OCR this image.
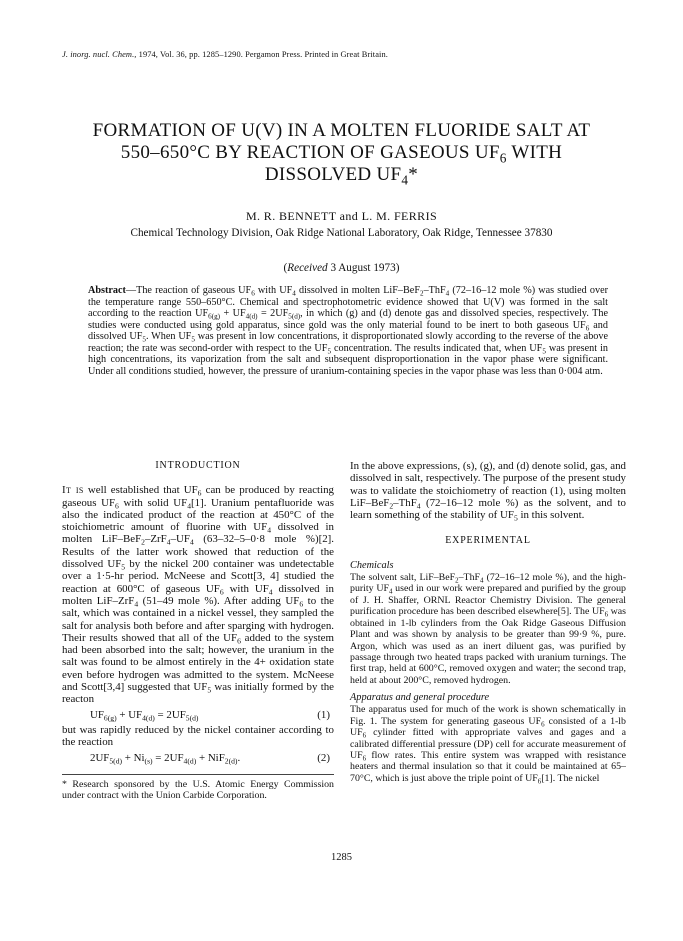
J. inorg. nucl. Chem., 1974, Vol. 36, pp. 1285–1290. Pergamon Press. Printed in Great Britain.
FORMATION OF U(V) IN A MOLTEN FLUORIDE SALT AT
550–650°C BY REACTION OF GASEOUS $UF_6$ WITH
DISSOLVED $UF_4*$
M. R. BENNETT and L. M. FERRIS
Chemical Technology Division, Oak Ridge National Laboratory, Oak Ridge, Tennessee 37830
(Received 3 August 1973)
Abstract—The reaction of gaseous $UF_6$ with $UF_4$ dissolved in molten LiF–BeF$_2$–ThF$_4$ (72–16–12 mole %) was studied over the temperature range 550–650°C. Chemical and spectrophotometric evidence showed that U(V) was formed in the salt according to the reaction $UF_{6(g)} + UF_{4(d)} = 2UF_{5(d)}$, in which (g) and (d) denote gas and dissolved species, respectively. The studies were conducted using gold apparatus, since gold was the only material found to be inert to both gaseous $UF_6$ and dissolved $UF_5$. When $UF_5$ was present in low concentrations, it disproportionated slowly according to the reverse of the above reaction; the rate was second-order with respect to the $UF_5$ concentration. The results indicated that, when $UF_5$ was present in high concentrations, its vaporization from the salt and subsequent disproportionation in the vapor phase were significant. Under all conditions studied, however, the pressure of uranium-containing species in the vapor phase was less than 0·004 atm.
INTRODUCTION

It is well established that $UF_6$ can be produced by reacting gaseous $UF_6$ with solid $UF_4[1]$. Uranium pentafluoride was also the indicated product of the reaction at 450°C of the stoichiometric amount of fluorine with $UF_4$ dissolved in molten LiF–$BeF_2-ZrF_4-UF_4$ (63–32–5–0·8 mole %)[2]. Results of the latter work showed that reduction of the dissolved $UF_5$ by the nickel 200 container was undetectable over a 1·5-hr period. McNeese and Scott[3, 4] studied the reaction at 600°C of gaseous $UF_6$ with $UF_4$ dissolved in molten LiF–ZrF$_4$ (51–49 mole %). After adding $UF_6$ to the salt, which was contained in a nickel vessel, they sampled the salt for analysis both before and after sparging with hydrogen. Their results showed that all of the $UF_6$ added to the system had been absorbed into the salt; however, the uranium in the salt was found to be almost entirely in the 4+ oxidation state even before hydrogen was admitted to the system. McNeese and Scott[3,4] suggested that $UF_5$ was initially formed by the reacton

$UF_{6(g)} + UF_{4(d)} = 2UF_{5(d)}$	(1)

but was rapidly reduced by the nickel container according to the reaction

$2UF_{5(d)} + Ni_{(s)} = 2UF_{4(d)} + NiF_{2(d)}$.	(2)
* Research sponsored by the U.S. Atomic Energy Commission under contract with the Union Carbide Corporation.

In the above expressions, (s), (g), and (d) denote solid, gas, and dissolved in salt, respectively. The purpose of the present study was to validate the stoichiometry of reaction (1), using molten LiF–BeF$_2$–ThF$_4$ (72–16–12 mole %) as the solvent, and to learn something of the stability of $UF_5$ in this solvent.

EXPERIMENTAL

Chemicals

The solvent salt, LiF–BeF$_2$–ThF$_4$ (72–16–12 mole %), and the high-purity $UF_4$ used in our work were prepared and purified by the group of J. H. Shaffer, ORNL Reactor Chemistry Division. The general purification procedure has been described elsewhere[5]. The $UF_6$ was obtained in 1-lb cylinders from the Oak Ridge Gaseous Diffusion Plant and was shown by analysis to be greater than 99·9 %, pure. Argon, which was used as an inert diluent gas, was purified by passage through two heated traps packed with uranium turnings. The first trap, held at 600°C, removed oxygen and water; the second trap, held at about 200°C, removed hydrogen.

Apparatus and general procedure

The apparatus used for much of the work is shown schematically in Fig. 1. The system for generating gaseous $UF_6$ consisted of a 1-lb $UF_6$ cylinder fitted with appropriate valves and gages and a calibrated differential pressure (DP) cell for accurate measurement of $UF_6$ flow rates. This entire system was wrapped with resistance heaters and thermal insulation so that it could be maintained at 65–70°C, which is just above the triple point of $UF_6[1]$. The nickel

1285
